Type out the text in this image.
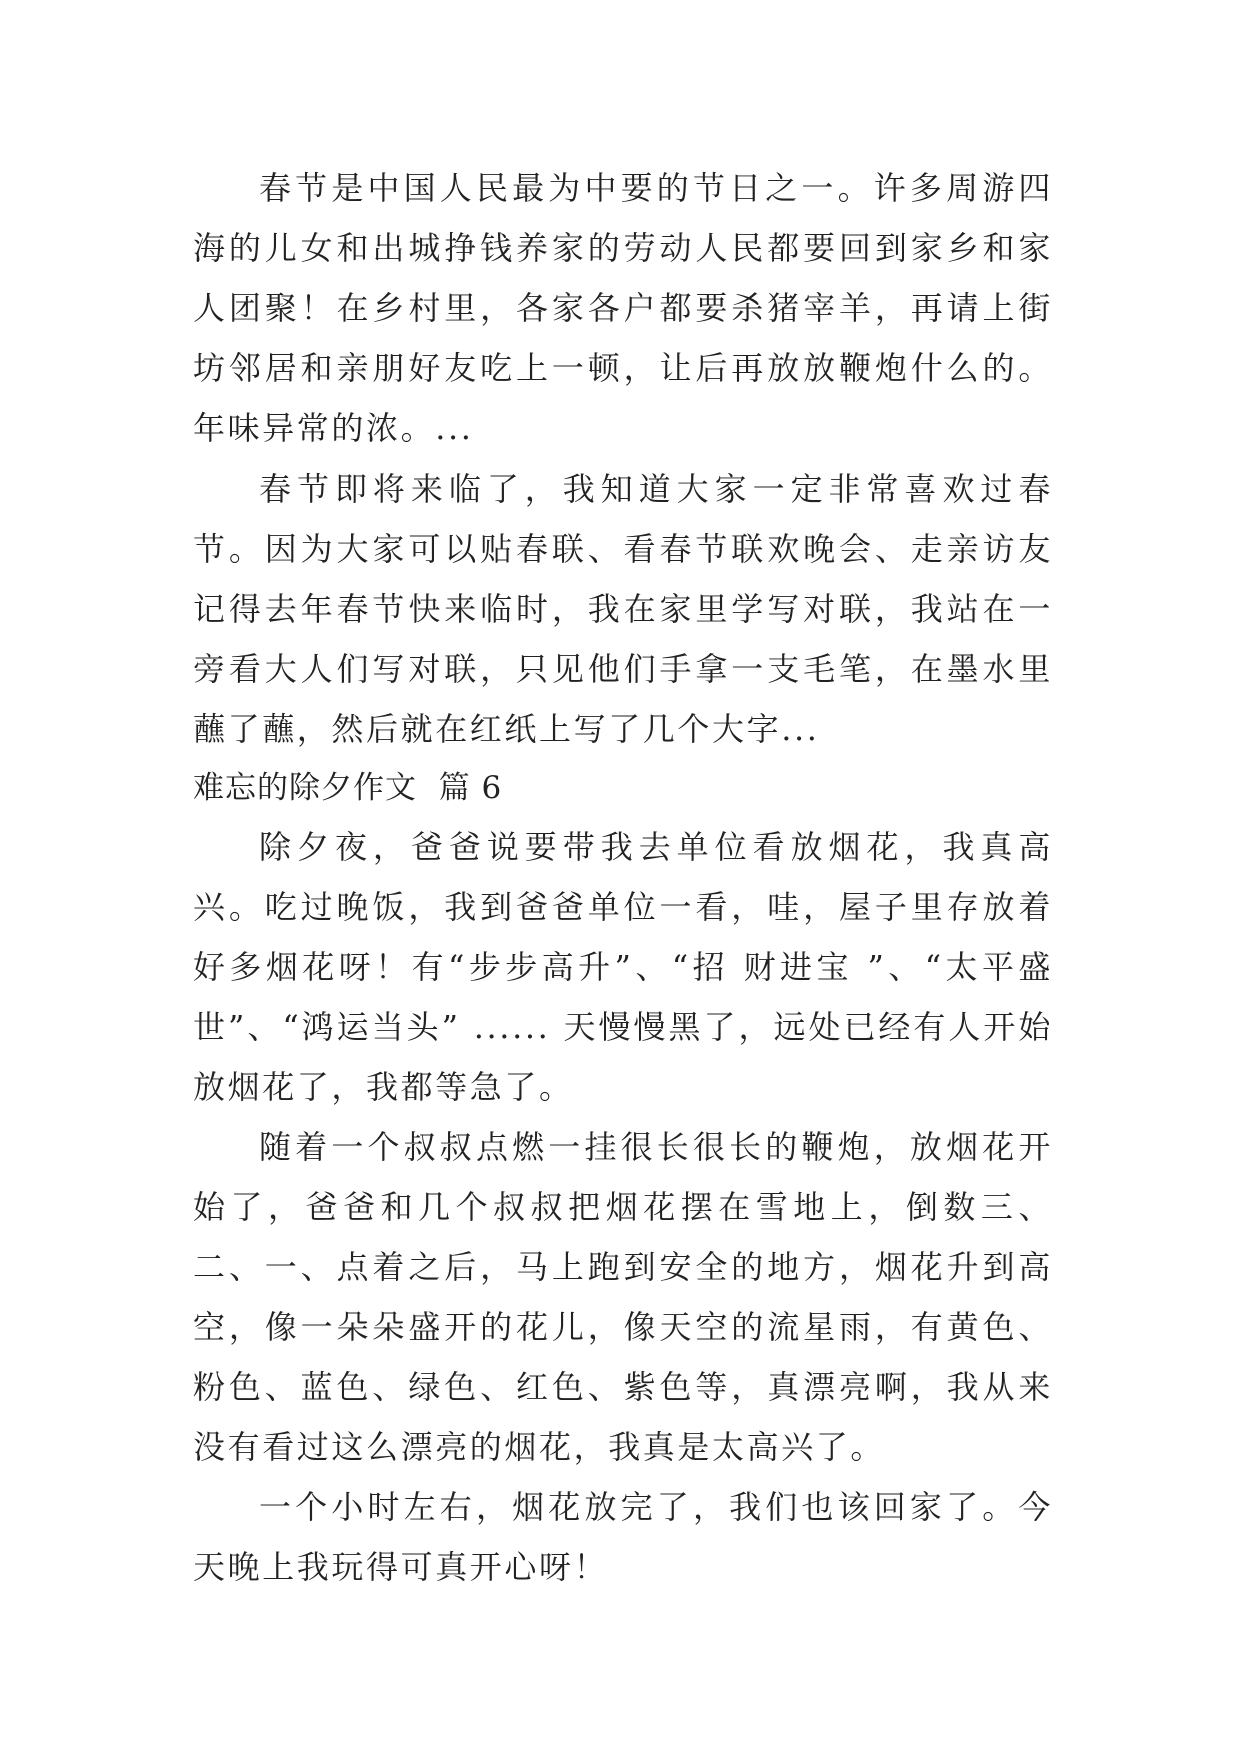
春节是中国人民最为中要的节日之一。许多周游四海的儿女和出城挣钱养家的劳动人民都要回到家乡和家人团聚！在乡村里，各家各户都要杀猪宰羊，再请上街坊邻居和亲朋好友吃上一顿，让后再放放鞭炮什么的。年味异常的浓。...

春节即将来临了，我知道大家一定非常喜欢过春节。因为大家可以贴春联、看春节联欢晚会、走亲访友记得去年春节快来临时，我在家里学写对联，我站在一旁看大人们写对联，只见他们手拿一支毛笔，在墨水里蘸了蘸，然后就在红纸上写了几个大字...

难忘的除夕作文  篇 6

除夕夜，爸爸说要带我去单位看放烟花，我真高兴。吃过晚饭，我到爸爸单位一看，哇，屋子里存放着好多烟花呀！有“步步高升”、“招 财进宝 ”、“太平盛世”、“鸿运当头” ...... 天慢慢黑了，远处已经有人开始放烟花了，我都等急了。

随着一个叔叔点燃一挂很长很长的鞭炮，放烟花开始了，爸爸和几个叔叔把烟花摆在雪地上，倒数三、二、一、点着之后，马上跑到安全的地方，烟花升到高空，像一朵朵盛开的花儿，像天空的流星雨，有黄色、粉色、蓝色、绿色、红色、紫色等，真漂亮啊，我从来没有看过这么漂亮的烟花，我真是太高兴了。

一个小时左右，烟花放完了，我们也该回家了。今天晚上我玩得可真开心呀！
